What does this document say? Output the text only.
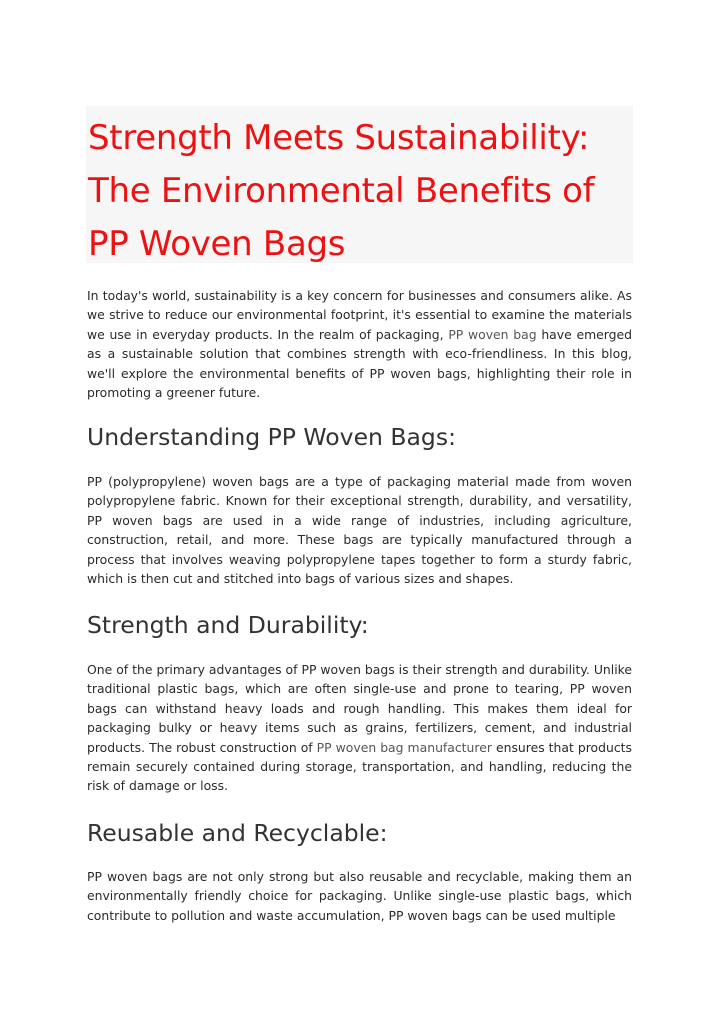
Strength Meets Sustainability: The Environmental Benefits of PP Woven Bags

In today's world, sustainability is a key concern for businesses and consumers alike. As we strive to reduce our environmental footprint, it's essential to examine the materials we use in everyday products. In the realm of packaging, PP woven bag have emerged as a sustainable solution that combines strength with eco-friendliness. In this blog, we'll explore the environmental benefits of PP woven bags, highlighting their role in promoting a greener future.

Understanding PP Woven Bags:

PP (polypropylene) woven bags are a type of packaging material made from woven polypropylene fabric. Known for their exceptional strength, durability, and versatility, PP woven bags are used in a wide range of industries, including agriculture, construction, retail, and more. These bags are typically manufactured through a process that involves weaving polypropylene tapes together to form a sturdy fabric, which is then cut and stitched into bags of various sizes and shapes.

Strength and Durability:

One of the primary advantages of PP woven bags is their strength and durability. Unlike traditional plastic bags, which are often single-use and prone to tearing, PP woven bags can withstand heavy loads and rough handling. This makes them ideal for packaging bulky or heavy items such as grains, fertilizers, cement, and industrial products. The robust construction of PP woven bag manufacturer ensures that products remain securely contained during storage, transportation, and handling, reducing the risk of damage or loss.

Reusable and Recyclable:

PP woven bags are not only strong but also reusable and recyclable, making them an environmentally friendly choice for packaging. Unlike single-use plastic bags, which contribute to pollution and waste accumulation, PP woven bags can be used multiple
